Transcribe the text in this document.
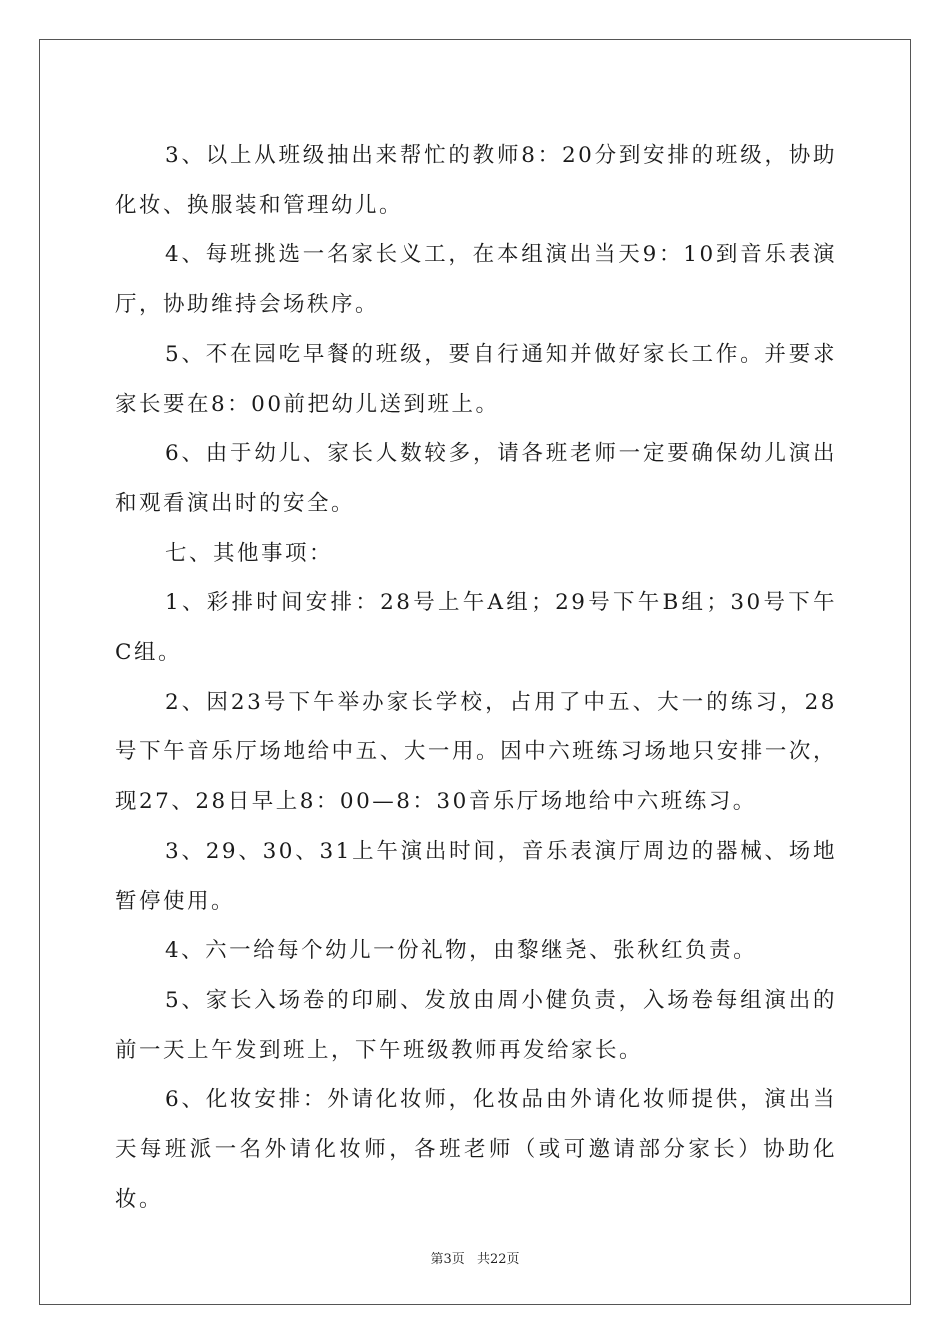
3、以上从班级抽出来帮忙的教师8：20分到安排的班级，协助化妆、换服装和管理幼儿。

4、每班挑选一名家长义工，在本组演出当天9：10到音乐表演厅，协助维持会场秩序。

5、不在园吃早餐的班级，要自行通知并做好家长工作。并要求家长要在8：00前把幼儿送到班上。

6、由于幼儿、家长人数较多，请各班老师一定要确保幼儿演出和观看演出时的安全。

七、其他事项：

1、彩排时间安排：28号上午A组；29号下午B组；30号下午C组。

2、因23号下午举办家长学校，占用了中五、大一的练习，28号下午音乐厅场地给中五、大一用。因中六班练习场地只安排一次，现27、28日早上8：00—8：30音乐厅场地给中六班练习。

3、29、30、31上午演出时间，音乐表演厅周边的器械、场地暂停使用。

4、六一给每个幼儿一份礼物，由黎继尧、张秋红负责。

5、家长入场卷的印刷、发放由周小健负责，入场卷每组演出的前一天上午发到班上，下午班级教师再发给家长。

6、化妆安排：外请化妆师，化妆品由外请化妆师提供，演出当天每班派一名外请化妆师，各班老师（或可邀请部分家长）协助化妆。

第3页 共22页
